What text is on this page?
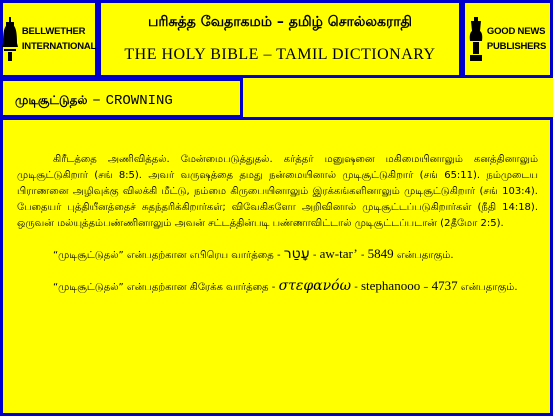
BELLWETHER
INTERNATIONAL
பரிசுத்த வேதாகமம் – தமிழ் சொல்லகராதி
THE HOLY BIBLE – TAMIL DICTIONARY
GOOD NEWS
PUBLISHERS
முடிசூட்டுதல் – CROWNING

கிரீடத்தை அணிவித்தல். மேன்மைபடுத்துதல். கர்த்தர் மனுஷனை மகிமையினாலும் கனத்தினாலும் முடிசூட்டுகிறார் (சங் 8:5). அவர் வருஷத்தை தமது நன்மையினால் முடிசூட்டுகிறார் (சங் 65:11). நம்முடைய பிராணனை அழிவுக்கு விலக்கி மீட்டு, நம்மை கிருபையினாலும் இரக்கங்களினாலும் முடிசூட்டுகிறார் (சங் 103:4). பேதையர் புத்தியீனத்தைச் சுதந்தரிக்கிறார்கள்; விவேகிகளோ அறிவினால் முடிசூட்டப்படுகிறார்கள் (நீதி 14:18). ஒருவன் மல்யுத்தம்பண்ணினாலும் அவன் சட்டத்தின்படி பண்ணாவிட்டால் முடிசூட்டப்படான் (2தீமோ 2:5).

“முடிசூட்டுதல்” என்பதற்கான எபிரெய வார்த்தை - עָטַר - aw-tar’ - 5849 என்பதாகும்.

“முடிசூட்டுதல்” என்பதற்கான கிரேக்க வார்த்தை - στεφανόω - stephanooo – 4737 என்பதாகும்.
